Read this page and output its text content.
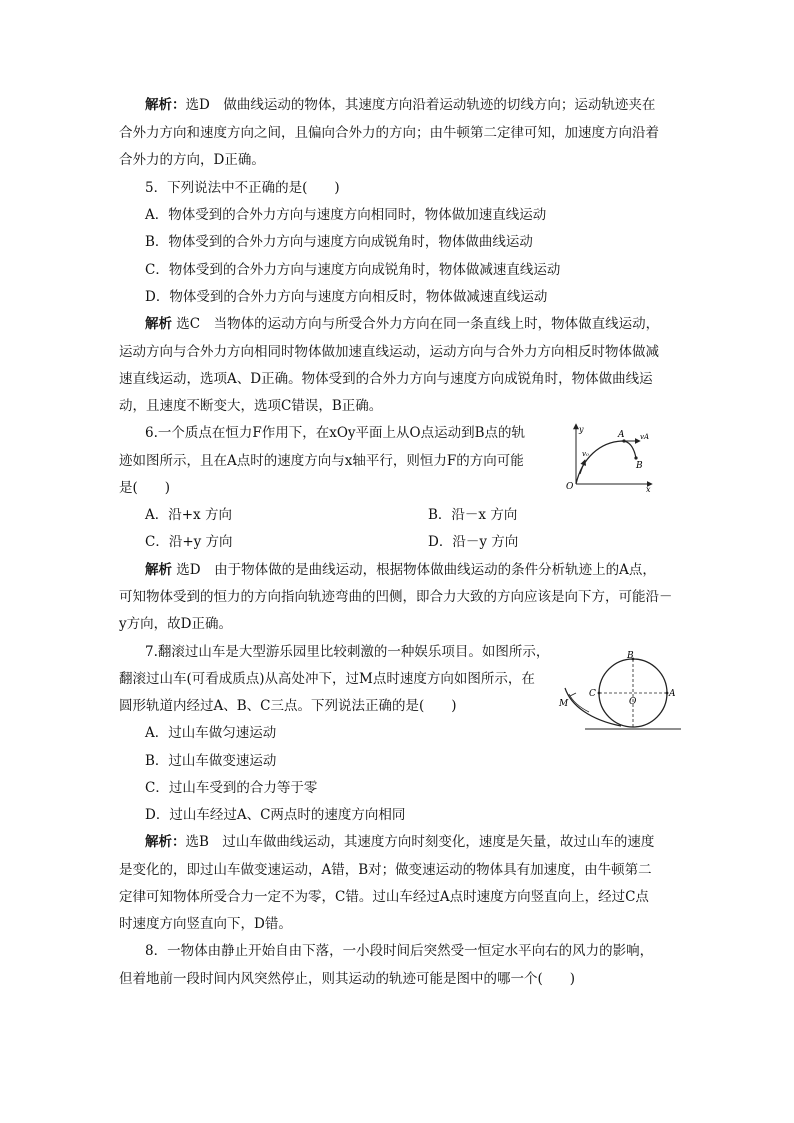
解析：选D　做曲线运动的物体，其速度方向沿着运动轨迹的切线方向；运动轨迹夹在
合外力方向和速度方向之间，且偏向合外力的方向；由牛顿第二定律可知，加速度方向沿着
合外力的方向，D正确。
5．下列说法中不正确的是(　　)
A．物体受到的合外力方向与速度方向相同时，物体做加速直线运动
B．物体受到的合外力方向与速度方向成锐角时，物体做曲线运动
C．物体受到的合外力方向与速度方向成锐角时，物体做减速直线运动
D．物体受到的合外力方向与速度方向相反时，物体做减速直线运动
解析 选C　当物体的运动方向与所受合外力方向在同一条直线上时，物体做直线运动，
运动方向与合外力方向相同时物体做加速直线运动，运动方向与合外力方向相反时物体做减
速直线运动，选项A、D正确。物体受到的合外力方向与速度方向成锐角时，物体做曲线运
动，且速度不断变大，选项C错误，B正确。
6.一个质点在恒力F作用下，在xOy平面上从O点运动到B点的轨
迹如图所示，且在A点时的速度方向与x轴平行，则恒力F的方向可能
是(　　)
A．沿+x 方向	B．沿－x 方向
C．沿+y 方向	D．沿－y 方向
y
v₀
A vA
B
O	x
解析 选D　由于物体做的是曲线运动，根据物体做曲线运动的条件分析轨迹上的A点，
可知物体受到的恒力的方向指向轨迹弯曲的凹侧，即合力大致的方向应该是向下方，可能沿－
y方向，故D正确。
7.翻滚过山车是大型游乐园里比较刺激的一种娱乐项目。如图所示，
翻滚过山车(可看成质点)从高处冲下，过M点时速度方向如图所示，在
圆形轨道内经过A、B、C三点。下列说法正确的是(　　)
A．过山车做匀速运动
B．过山车做变速运动
C．过山车受到的合力等于零
D．过山车经过A、C两点时的速度方向相同
B
C
O
A
M
解析：选B　过山车做曲线运动，其速度方向时刻变化，速度是矢量，故过山车的速度
是变化的，即过山车做变速运动，A错，B对；做变速运动的物体具有加速度，由牛顿第二
定律可知物体所受合力一定不为零，C错。过山车经过A点时速度方向竖直向上，经过C点
时速度方向竖直向下，D错。
8．一物体由静止开始自由下落，一小段时间后突然受一恒定水平向右的风力的影响，
但着地前一段时间内风突然停止，则其运动的轨迹可能是图中的哪一个(　　)
